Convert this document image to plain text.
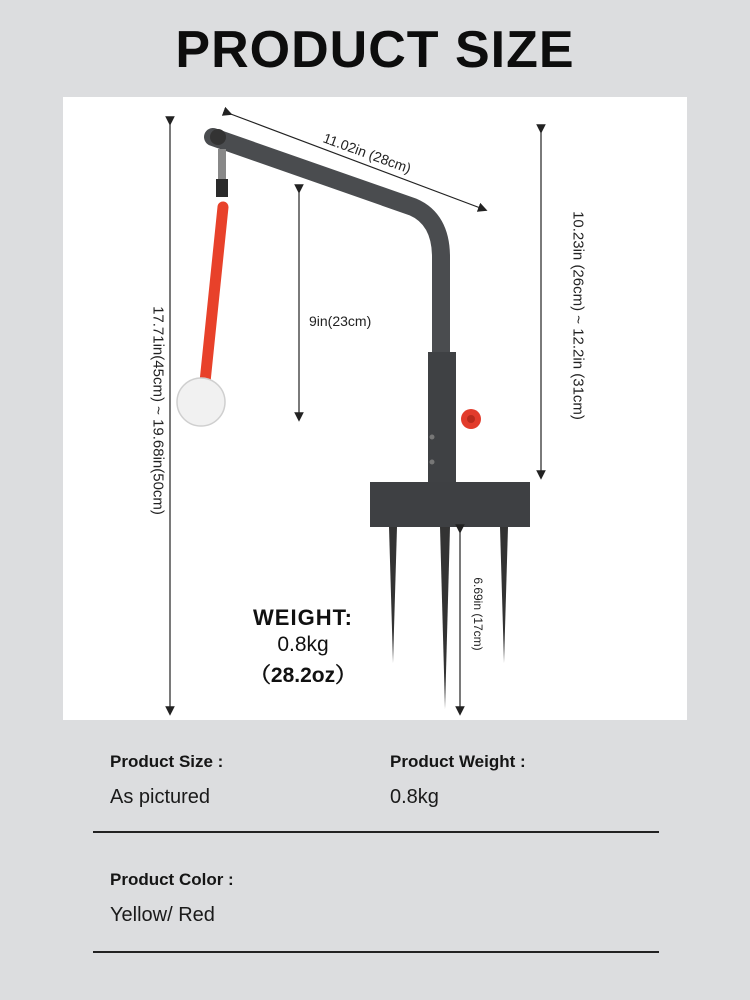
PRODUCT SIZE
11.02in (28cm)
9in(23cm)
17.71in(45cm) ~ 19.68in(50cm)	10.23in (26cm) ~ 12.2in (31cm)
6.69in (17cm)
WEIGHT:
0.8kg
（28.2oz）
Product Size :
As pictured
Product Weight :
0.8kg
Product Color :
Yellow/ Red
